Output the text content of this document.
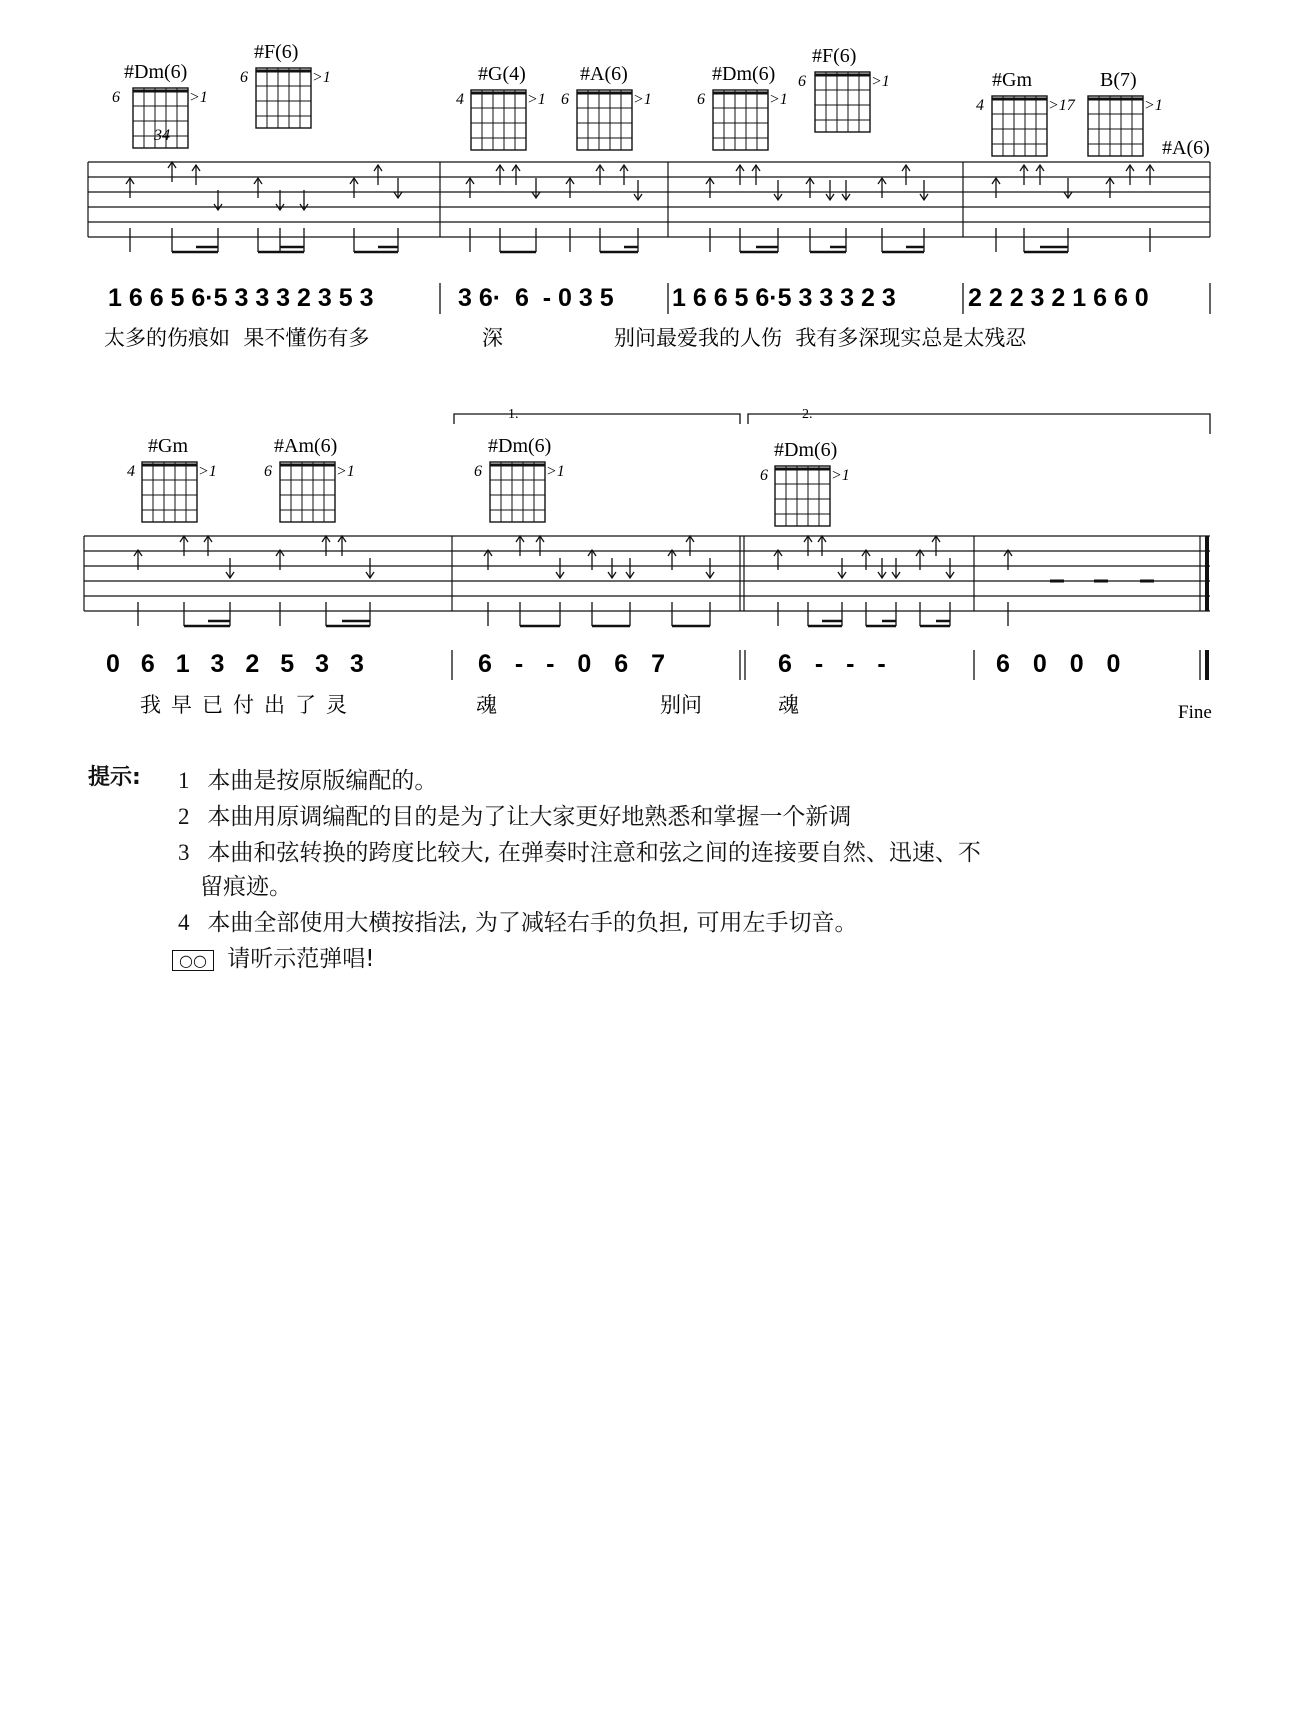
#Dm(6)
6	>1
34
#F(6)
6	>1	#G(4)
4	>1
#A(6)
6	>1
#Dm(6)
6	>1
#F(6)
6	>1	#Gm
4	>17
B(7)
>1
#A(6)
1 6 6 5 6·5 3 3 3 2 3 5 3	3 6·  6  - 0 3 5 1 6 6 5 6·5 3 3 3 2 3	2 2 2 3 2 1 6 6 0
太多的伤痕如  果不懂伤有多	深	别问最爱我的人伤  我有多深现实总是太残忍
#Gm
4	>1
#Am(6)
6	>1
#Dm(6)
6	>1
#Dm(6)
6	>1
1.	2.
0 6 1 3 2 5 3 3	6 - - 0 6 7	6 - - -	6 0 0 0
我早已付出了灵	魂	别问	魂	Fine
提示: 1 本曲是按原版编配的。
2 本曲用原调编配的目的是为了让大家更好地熟悉和掌握一个新调
3 本曲和弦转换的跨度比较大, 在弹奏时注意和弦之间的连接要自然、迅速、不
留痕迹。
4 本曲全部使用大横按指法, 为了减轻右手的负担, 可用左手切音。
○○ 请听示范弹唱!
